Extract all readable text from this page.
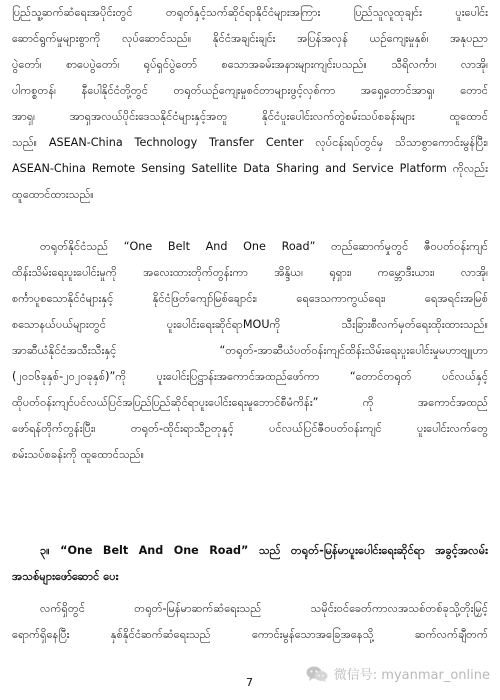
ပြည်သူ့ဆက်ဆံရေးအပိုင်းတွင် တရုတ်နှင့်သက်ဆိုင်ရာနိုင်ငံများအကြား ပြည်သူလူထုချင်း ပူးပေါင်း
ဆောင်ရွက်မှုများစွာကို လုပ်ဆောင်သည်။ နိုင်ငံအချင်းချင်း အပြန်အလှန် ယဉ်ကျေးမှုနှစ်၊ အနုပညာ
ပွဲတော်၊ စာပေပွဲတော်၊ ရုပ်ရှင်ပွဲတော် စသောအခမ်းအနားများကျင်းပသည်။ သီရိလင်္ကာ၊ လာအို၊
ပါကစ္စတန်၊ နီပေါနိုင်ငံတို့တွင် တရုတ်ယဉ်ကျေးမှုစင်တာများဖွင့်လှစ်ကာ အရှေ့တောင်အာရှ၊ တောင်
အာရှ၊ အာရှအလယ်ပိုင်းဒေသနိုင်ငံများနှင့်အတူ နိုင်ငံပူးပေါင်းလက်တွဲစမ်းသပ်စခန်းများ ထူထောင်
သည်။ ASEAN-China Technology Transfer Center လုပ်ငန်းရပ်တွင်မှ သိသာစွာကောင်းမွန်ပြီး၊
ASEAN-China Remote Sensing Satellite Data Sharing and Service Platform ကိုလည်း
ထူထောင်ထားသည်။
တရုတ်နိုင်ငံသည် “One Belt And One Road” တည်ဆောက်မှုတွင် ဇီဝပတ်ဝန်းကျင်
ထိန်းသိမ်းရေးပူးပေါင်းမှုကို အလေးထားတိုက်တွန်းကာ အိန္ဒိယ၊ ရုရှား၊ ကမ္ဘောဒီးယား၊ လာအို၊
စင်္ကာပူစသောနိုင်ငံများနှင့် နိုင်ငံဖြတ်ကျော်မြစ်ချောင်း၊ ရေဒေသကာကွယ်ရေး၊ ရေအရင်းအမြစ်
စသောနယ်ပယ်များတွင် ပူးပေါင်းရေးဆိုင်ရာMOUကို သီးခြားစီလက်မှတ်ရေးထိုးထားသည်။
အာဆီယံနိုင်ငံအသီးသီးနှင့် “တရုတ်-အာဆီယံပတ်ဝန်းကျင်ထိန်းသိမ်းရေးပူးပေါင်းမှုမဟာဗျူဟာ
(၂၀၁၆ခုနှစ်-၂၀၂၀ခုနှစ်)”ကို ပူးပေါင်းပြဋ္ဌာန်းအကောင်အထည်ဖော်ကာ “တောင်တရုတ် ပင်လယ်နှင့်
ထိုပတ်ဝန်းကျင်ပင်လယ်ပြင်အပြည်ပြည်ဆိုင်ရာပူးပေါင်းရေးမူဘောင်စီမံကိန်း” ကို အကောင်အထည်
ဖော်ရန်တိုက်တွန်းပြီး၊ တရုတ်-ထိုင်းရာသီဥတုနှင့် ပင်လယ်ပြင်ဇီဝပတ်ဝန်းကျင် ပူးပေါင်းလက်တွေ့
စမ်းသပ်စခန်းကို ထူထောင်သည်။
၃။ “One Belt And One Road” သည် တရုတ်-မြန်မာပူးပေါင်းရေးဆိုင်ရာ အခွင့်အလမ်း
အသစ်များဖော်ဆောင် ပေး
လက်ရှိတွင် တရုတ်-မြန်မာဆက်ဆံရေးသည် သမိုင်းဝင်ခေတ်ကာလအသစ်တစ်ခုသို့တိုးမြှင့်
ရောက်ရှိနေပြီး နှစ်နိုင်ငံဆက်ဆံရေးသည် ကောင်းမွန်သောအခြေအနေသို့ ဆက်လက်ချီတက်
微信号: myanmar_online
7
